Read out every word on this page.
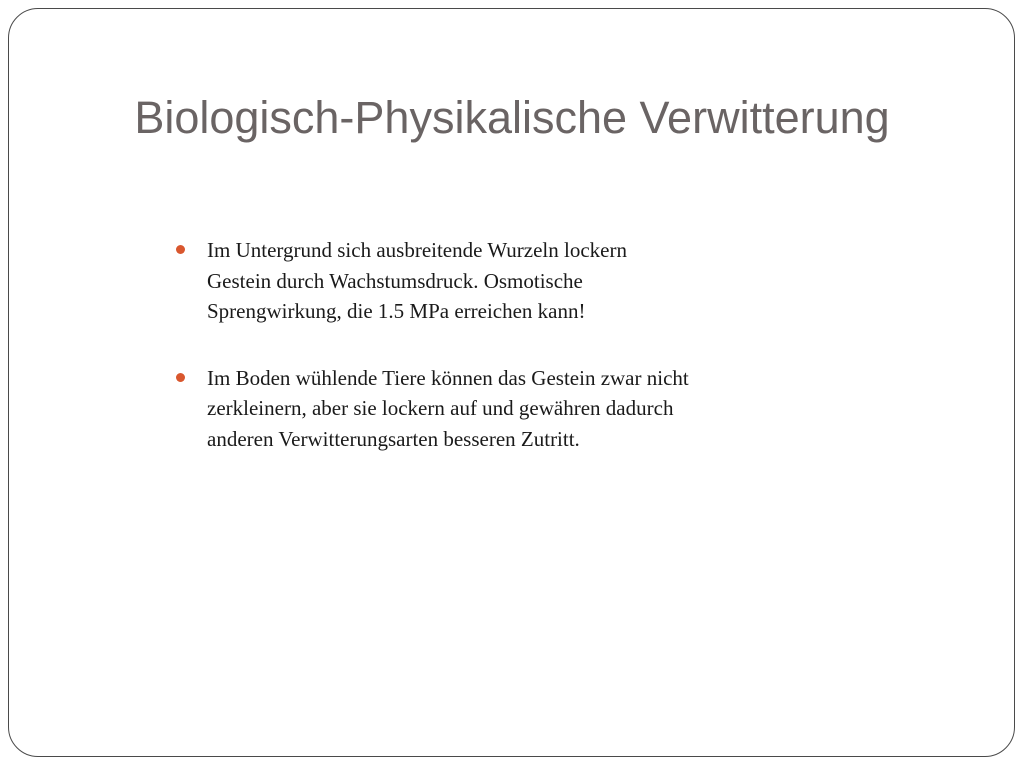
Biologisch-Physikalische Verwitterung
Im Untergrund sich ausbreitende Wurzeln lockern
Gestein durch Wachstumsdruck. Osmotische
Sprengwirkung, die 1.5 MPa erreichen kann!
Im Boden wühlende Tiere können das Gestein zwar nicht
zerkleinern, aber sie lockern auf und gewähren dadurch
anderen Verwitterungsarten besseren Zutritt.
